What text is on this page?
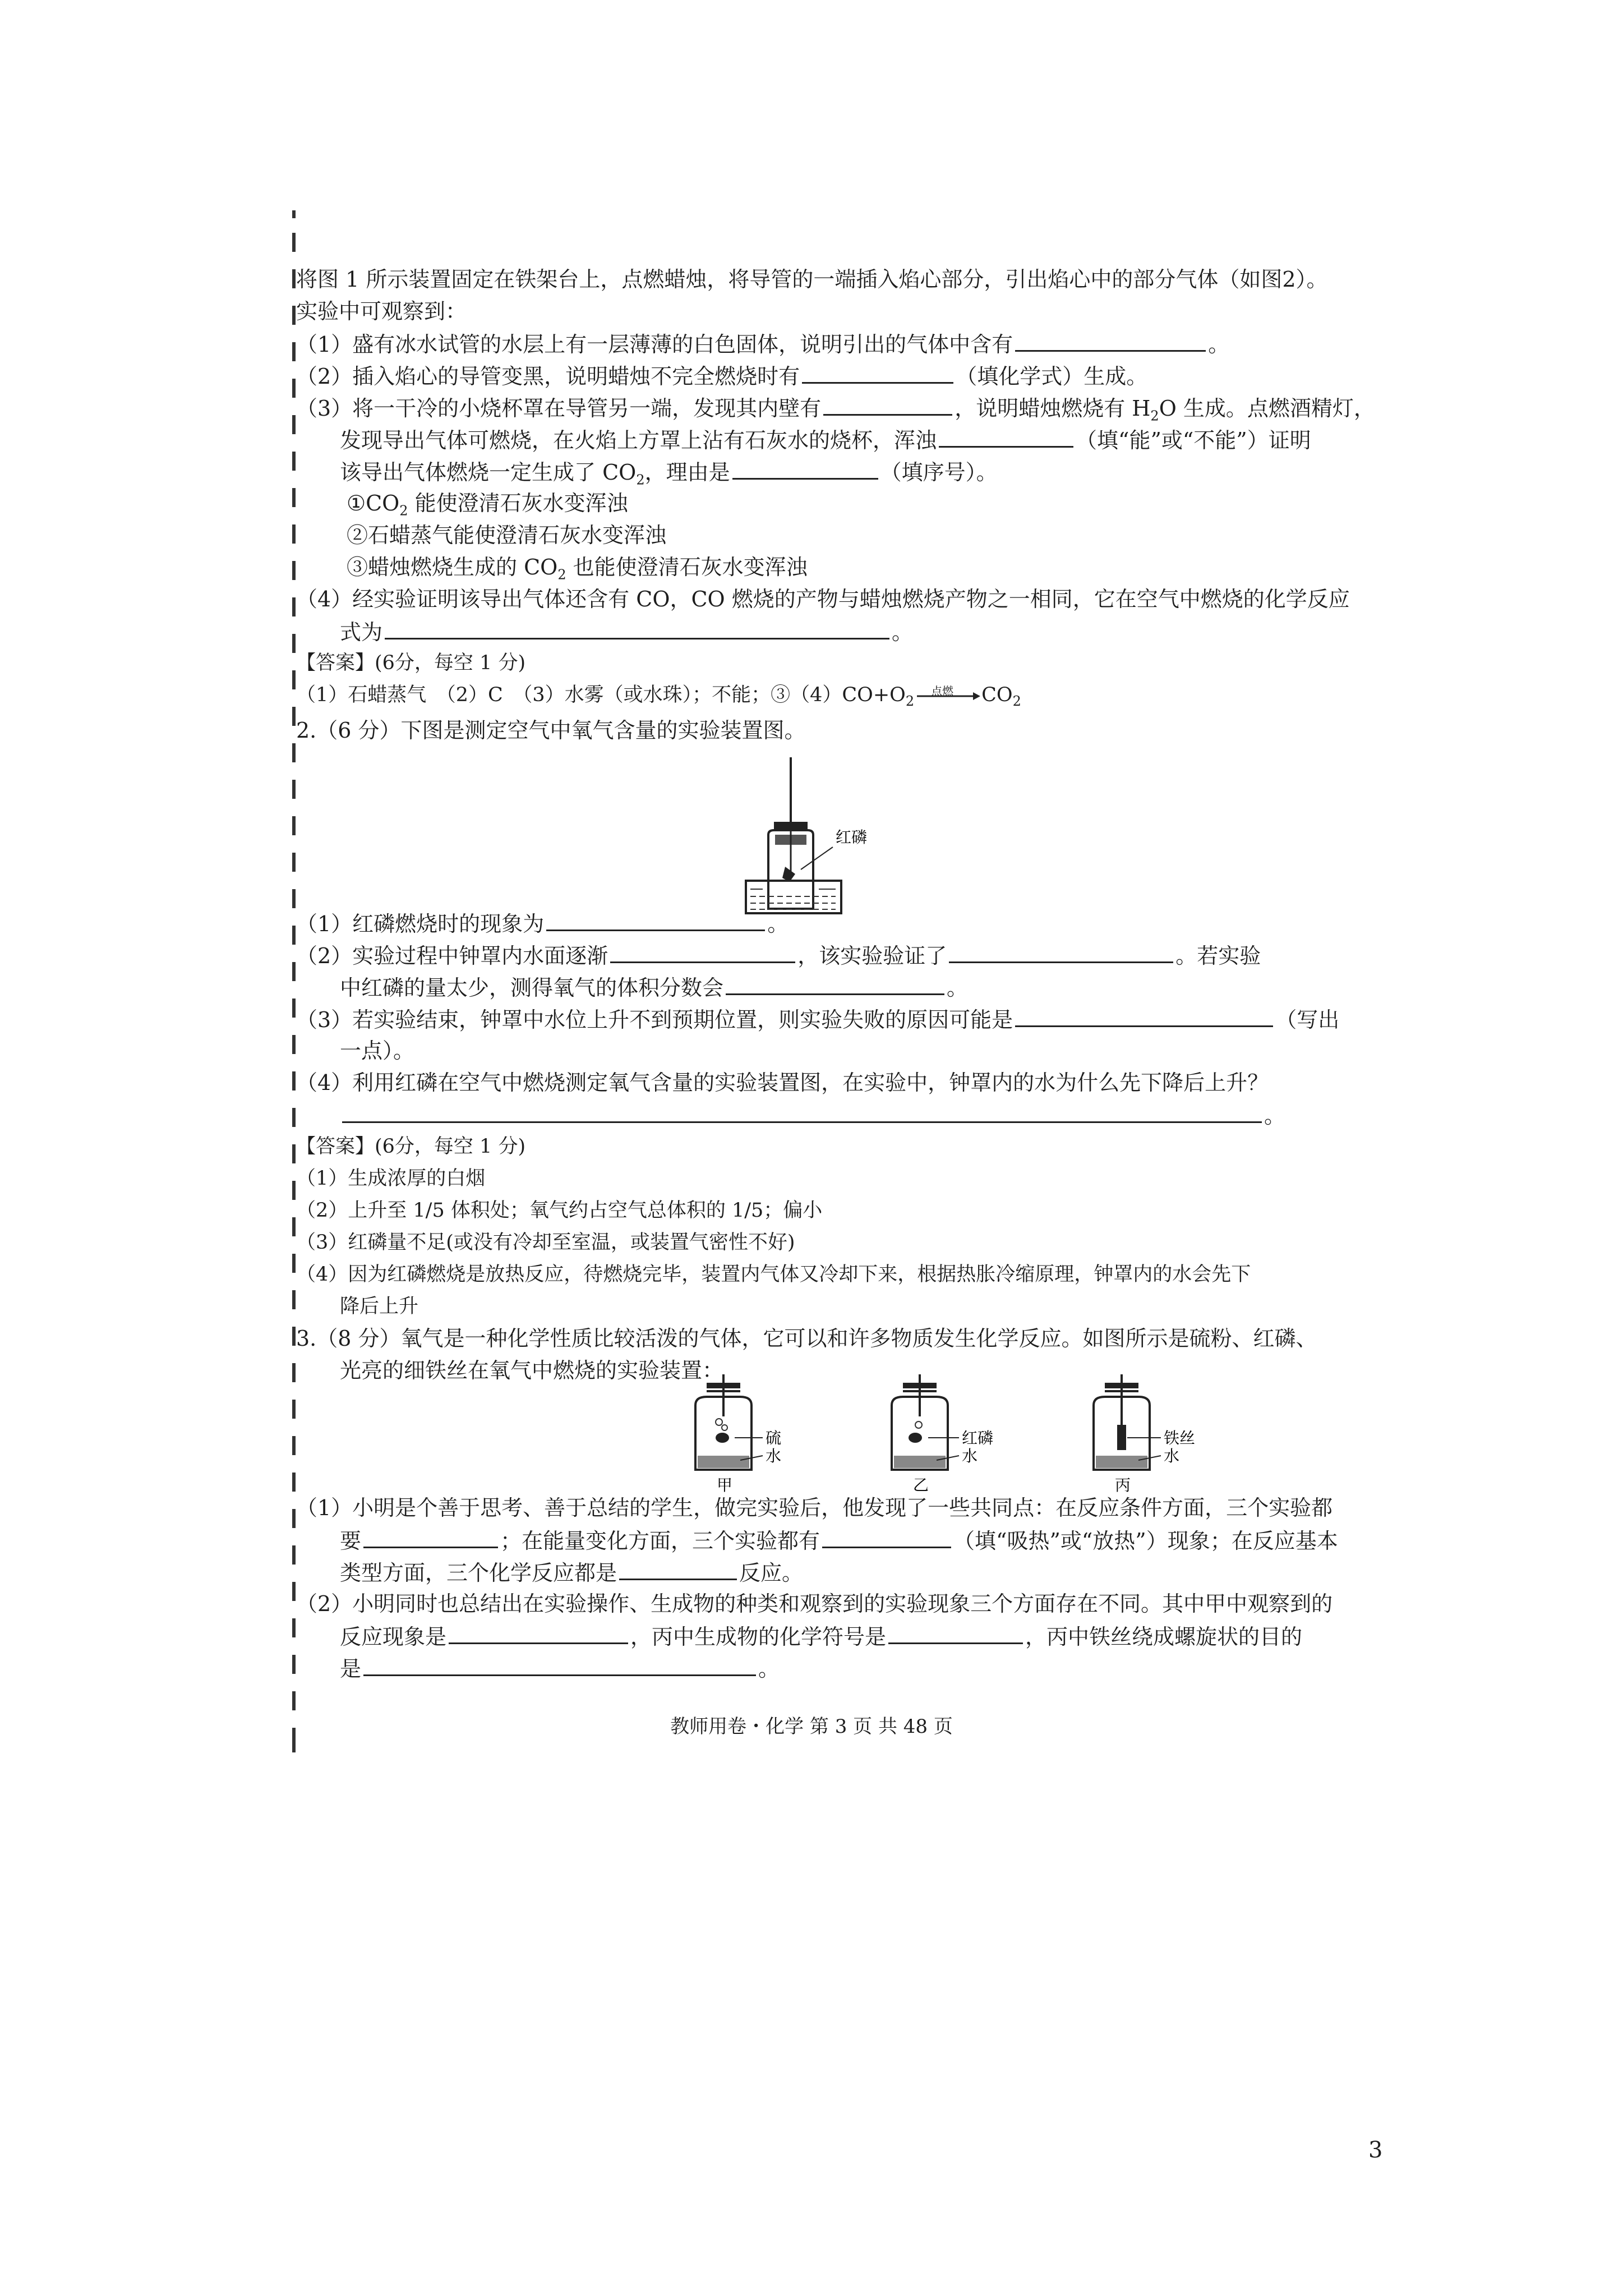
将图 1 所示装置固定在铁架台上，点燃蜡烛，将导管的一端插入焰心部分，引出焰心中的部分气体（如图2）。
实验中可观察到：
（1）盛有冰水试管的水层上有一层薄薄的白色固体，说明引出的气体中含有	。
（2）插入焰心的导管变黑，说明蜡烛不完全燃烧时有	（填化学式）生成。
（3）将一干冷的小烧杯罩在导管另一端，发现其内壁有	，说明蜡烛燃烧有 $H_2O$ 生成。点燃酒精灯，
发现导出气体可燃烧，在火焰上方罩上沾有石灰水的烧杯，浑浊	（填“能”或“不能”）证明
该导出气体燃烧一定生成了 $CO_2$，理由是	（填序号）。
$①CO_2$ 能使澄清石灰水变浑浊
②石蜡蒸气能使澄清石灰水变浑浊
③蜡烛燃烧生成的 $CO_2$ 也能使澄清石灰水变浑浊
（4）经实验证明该导出气体还含有 CO，CO 燃烧的产物与蜡烛燃烧产物之一相同，它在空气中燃烧的化学反应
式为	。
【答案】(6分，每空 1 分)
（1）石蜡蒸气　（2）C　（3）水雾（或水珠）；不能；$③(4)CO+O_2$
点燃 $CO_2$
2.（6 分）下图是测定空气中氧气含量的实验装置图。
红磷
（1）红磷燃烧时的现象为	。
（2）实验过程中钟罩内水面逐渐	，该实验验证了	。若实验
中红磷的量太少，测得氧气的体积分数会	。
（3）若实验结束，钟罩中水位上升不到预期位置，则实验失败的原因可能是	（写出
一点）。
（4）利用红磷在空气中燃烧测定氧气含量的实验装置图，在实验中，钟罩内的水为什么先下降后上升？
。
【答案】(6分，每空 1 分)
（1）生成浓厚的白烟
（2）上升至 1/5 体积处；氧气约占空气总体积的 1/5；偏小
（3）红磷量不足(或没有冷却至室温，或装置气密性不好)
（4）因为红磷燃烧是放热反应，待燃烧完毕，装置内气体又冷却下来，根据热胀冷缩原理，钟罩内的水会先下
降后上升
3.（8 分）氧气是一种化学性质比较活泼的气体，它可以和许多物质发生化学反应。如图所示是硫粉、红磷、
光亮的细铁丝在氧气中燃烧的实验装置：
硫
水
甲
红磷
水
乙
铁丝
水
丙
（1）小明是个善于思考、善于总结的学生，做完实验后，他发现了一些共同点：在反应条件方面，三个实验都
要	；在能量变化方面，三个实验都有	（填“吸热”或“放热”）现象；在反应基本
类型方面，三个化学反应都是	反应。
（2）小明同时也总结出在实验操作、生成物的种类和观察到的实验现象三个方面存在不同。其中甲中观察到的
反应现象是	，丙中生成物的化学符号是	，丙中铁丝绕成螺旋状的目的
是	。
教师用卷・化学 第 3 页 共 48 页
3
